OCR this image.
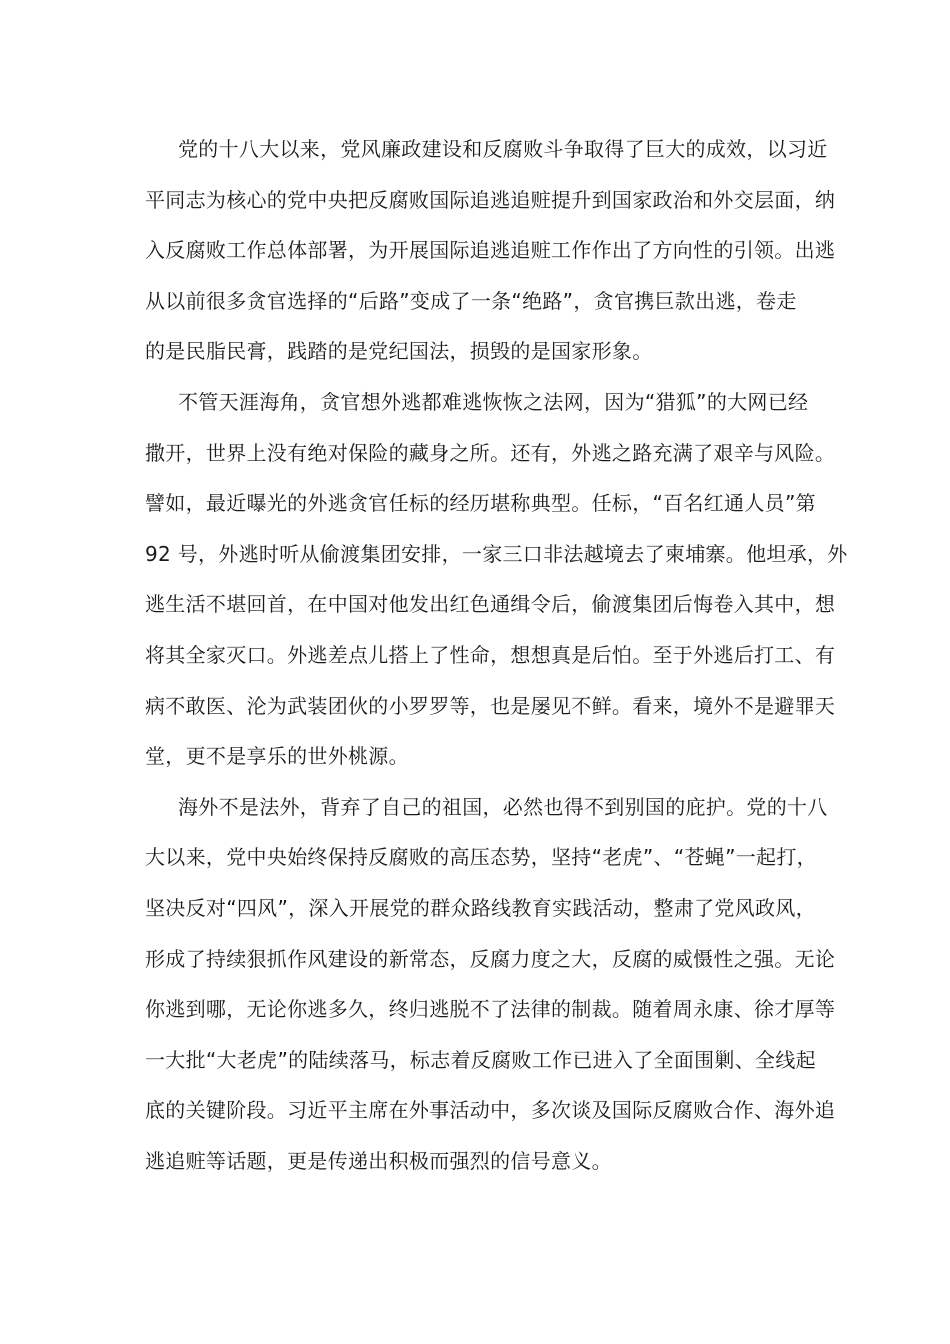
党的十八大以来，党风廉政建设和反腐败斗争取得了巨大的成效，以习近
平同志为核心的党中央把反腐败国际追逃追赃提升到国家政治和外交层面，纳
入反腐败工作总体部署，为开展国际追逃追赃工作作出了方向性的引领。出逃
从以前很多贪官选择的“后路”变成了一条“绝路”，贪官携巨款出逃，卷走
的是民脂民膏，践踏的是党纪国法，损毁的是国家形象。
不管天涯海角，贪官想外逃都难逃恢恢之法网，因为“猎狐”的大网已经
撒开，世界上没有绝对保险的藏身之所。还有，外逃之路充满了艰辛与风险。
譬如，最近曝光的外逃贪官任标的经历堪称典型。任标，“百名红通人员”第
92 号，外逃时听从偷渡集团安排，一家三口非法越境去了柬埔寨。他坦承，外
逃生活不堪回首，在中国对他发出红色通缉令后，偷渡集团后悔卷入其中，想
将其全家灭口。外逃差点儿搭上了性命，想想真是后怕。至于外逃后打工、有
病不敢医、沦为武装团伙的小罗罗等，也是屡见不鲜。看来，境外不是避罪天
堂，更不是享乐的世外桃源。
海外不是法外，背弃了自己的祖国，必然也得不到别国的庇护。党的十八
大以来，党中央始终保持反腐败的高压态势，坚持“老虎”、“苍蝇”一起打，
坚决反对“四风”，深入开展党的群众路线教育实践活动，整肃了党风政风，
形成了持续狠抓作风建设的新常态，反腐力度之大，反腐的威慑性之强。无论
你逃到哪，无论你逃多久，终归逃脱不了法律的制裁。随着周永康、徐才厚等
一大批“大老虎”的陆续落马，标志着反腐败工作已进入了全面围剿、全线起
底的关键阶段。习近平主席在外事活动中，多次谈及国际反腐败合作、海外追
逃追赃等话题，更是传递出积极而强烈的信号意义。
